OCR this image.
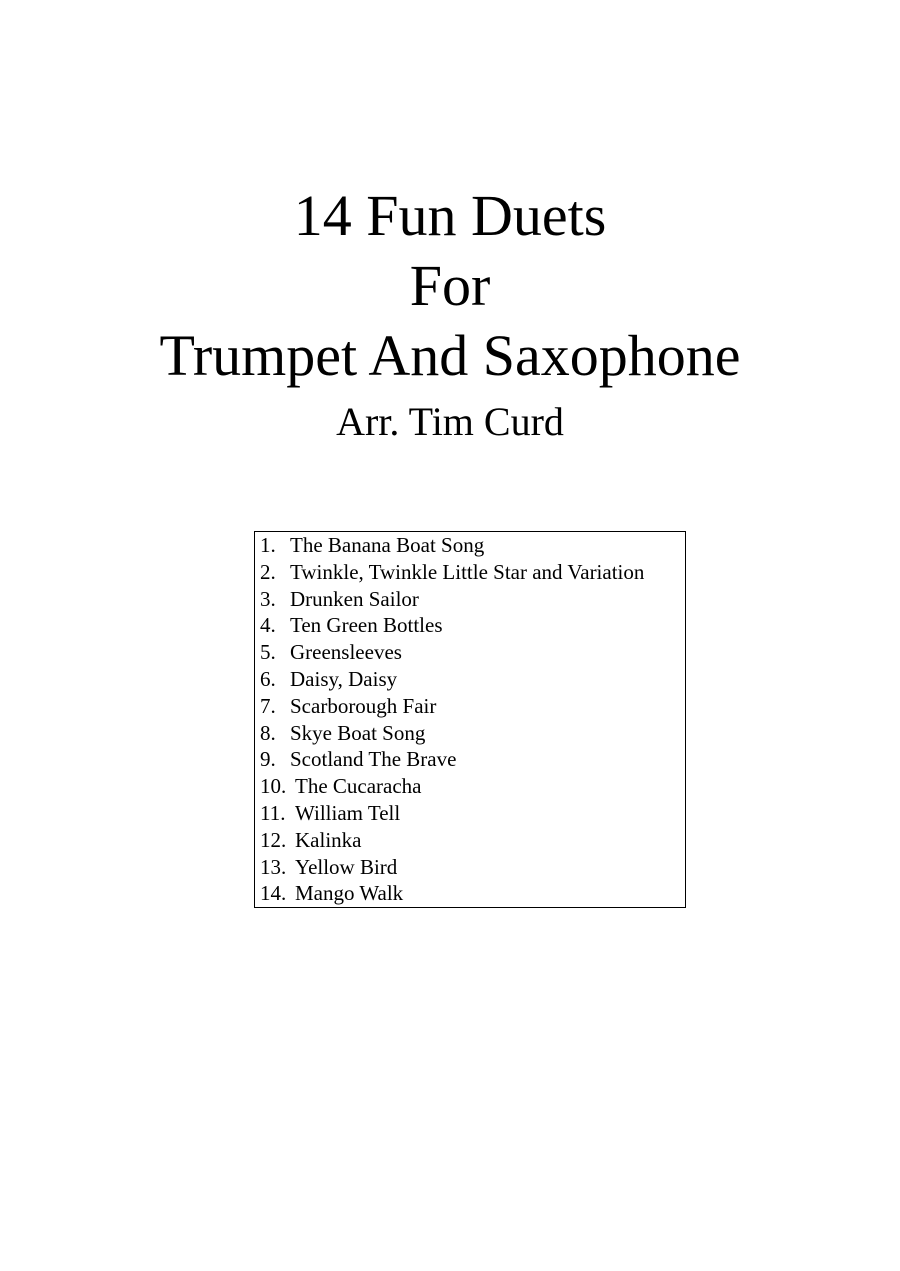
14 Fun Duets
For
Trumpet And Saxophone
Arr. Tim Curd
1. The Banana Boat Song
2. Twinkle, Twinkle Little Star and Variation
3. Drunken Sailor
4. Ten Green Bottles
5. Greensleeves
6. Daisy, Daisy
7. Scarborough Fair
8. Skye Boat Song
9. Scotland The Brave
10. The Cucaracha
11. William Tell
12. Kalinka
13. Yellow Bird
14. Mango Walk
